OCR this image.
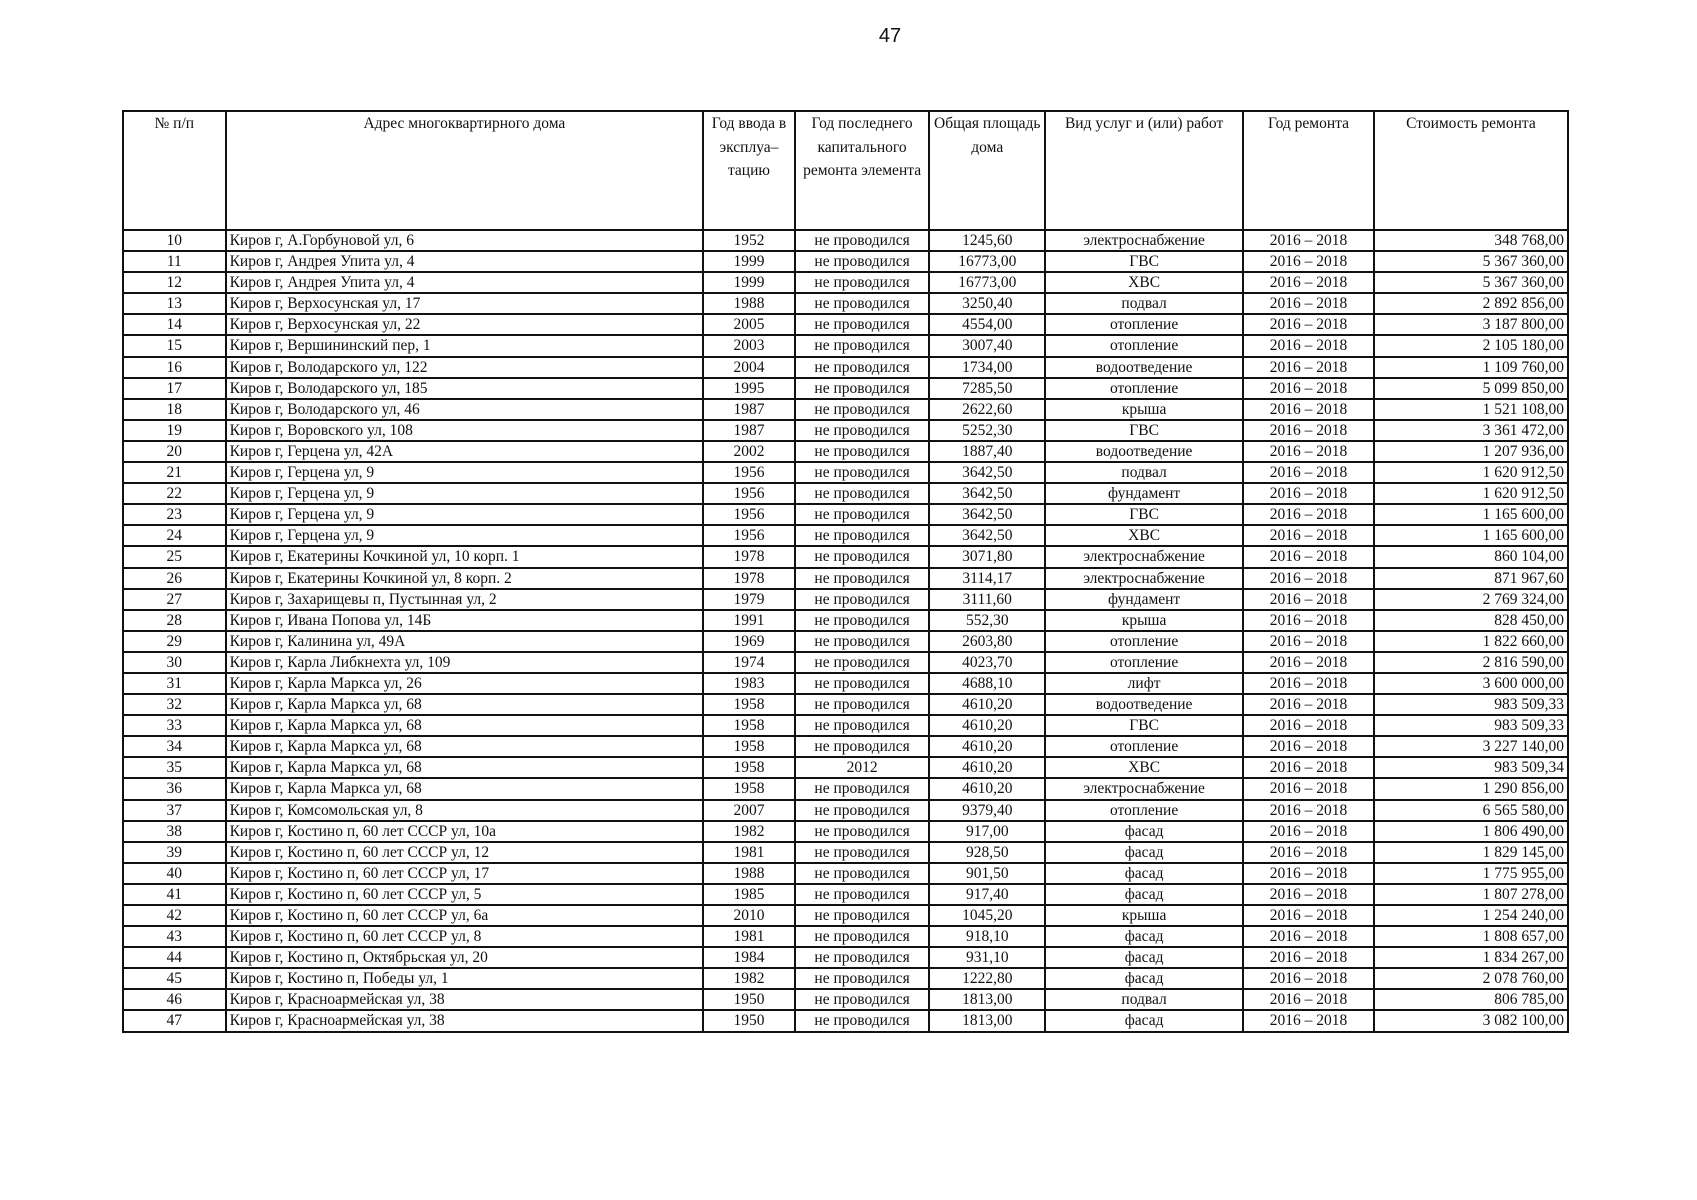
47
№ п/п	Адрес многоквартирного дома	Год ввода в эксплуа–тацию	Год последнего капитального ремонта элемента	Общая площадь дома	Вид услуг и (или) работ	Год ремонта	Стоимость ремонта
10	Киров г, А.Горбуновой ул, 6	1952	не проводился	1245,60	электроснабжение	2016 – 2018	348 768,00
11	Киров г, Андрея Упита ул, 4	1999	не проводился	16773,00	ГВС	2016 – 2018	5 367 360,00
12	Киров г, Андрея Упита ул, 4	1999	не проводился	16773,00	ХВС	2016 – 2018	5 367 360,00
13	Киров г, Верхосунская ул, 17	1988	не проводился	3250,40	подвал	2016 – 2018	2 892 856,00
14	Киров г, Верхосунская ул, 22	2005	не проводился	4554,00	отопление	2016 – 2018	3 187 800,00
15	Киров г, Вершининский пер, 1	2003	не проводился	3007,40	отопление	2016 – 2018	2 105 180,00
16	Киров г, Володарского ул, 122	2004	не проводился	1734,00	водоотведение	2016 – 2018	1 109 760,00
17	Киров г, Володарского ул, 185	1995	не проводился	7285,50	отопление	2016 – 2018	5 099 850,00
18	Киров г, Володарского ул, 46	1987	не проводился	2622,60	крыша	2016 – 2018	1 521 108,00
19	Киров г, Воровского ул, 108	1987	не проводился	5252,30	ГВС	2016 – 2018	3 361 472,00
20	Киров г, Герцена ул, 42А	2002	не проводился	1887,40	водоотведение	2016 – 2018	1 207 936,00
21	Киров г, Герцена ул, 9	1956	не проводился	3642,50	подвал	2016 – 2018	1 620 912,50
22	Киров г, Герцена ул, 9	1956	не проводился	3642,50	фундамент	2016 – 2018	1 620 912,50
23	Киров г, Герцена ул, 9	1956	не проводился	3642,50	ГВС	2016 – 2018	1 165 600,00
24	Киров г, Герцена ул, 9	1956	не проводился	3642,50	ХВС	2016 – 2018	1 165 600,00
25	Киров г, Екатерины Кочкиной ул, 10 корп. 1	1978	не проводился	3071,80	электроснабжение	2016 – 2018	860 104,00
26	Киров г, Екатерины Кочкиной ул, 8 корп. 2	1978	не проводился	3114,17	электроснабжение	2016 – 2018	871 967,60
27	Киров г, Захарищевы п, Пустынная ул, 2	1979	не проводился	3111,60	фундамент	2016 – 2018	2 769 324,00
28	Киров г, Ивана Попова ул, 14Б	1991	не проводился	552,30	крыша	2016 – 2018	828 450,00
29	Киров г, Калинина ул, 49А	1969	не проводился	2603,80	отопление	2016 – 2018	1 822 660,00
30	Киров г, Карла Либкнехта ул, 109	1974	не проводился	4023,70	отопление	2016 – 2018	2 816 590,00
31	Киров г, Карла Маркса ул, 26	1983	не проводился	4688,10	лифт	2016 – 2018	3 600 000,00
32	Киров г, Карла Маркса ул, 68	1958	не проводился	4610,20	водоотведение	2016 – 2018	983 509,33
33	Киров г, Карла Маркса ул, 68	1958	не проводился	4610,20	ГВС	2016 – 2018	983 509,33
34	Киров г, Карла Маркса ул, 68	1958	не проводился	4610,20	отопление	2016 – 2018	3 227 140,00
35	Киров г, Карла Маркса ул, 68	1958	2012	4610,20	ХВС	2016 – 2018	983 509,34
36	Киров г, Карла Маркса ул, 68	1958	не проводился	4610,20	электроснабжение	2016 – 2018	1 290 856,00
37	Киров г, Комсомольская ул, 8	2007	не проводился	9379,40	отопление	2016 – 2018	6 565 580,00
38	Киров г, Костино п, 60 лет СССР ул, 10а	1982	не проводился	917,00	фасад	2016 – 2018	1 806 490,00
39	Киров г, Костино п, 60 лет СССР ул, 12	1981	не проводился	928,50	фасад	2016 – 2018	1 829 145,00
40	Киров г, Костино п, 60 лет СССР ул, 17	1988	не проводился	901,50	фасад	2016 – 2018	1 775 955,00
41	Киров г, Костино п, 60 лет СССР ул, 5	1985	не проводился	917,40	фасад	2016 – 2018	1 807 278,00
42	Киров г, Костино п, 60 лет СССР ул, 6а	2010	не проводился	1045,20	крыша	2016 – 2018	1 254 240,00
43	Киров г, Костино п, 60 лет СССР ул, 8	1981	не проводился	918,10	фасад	2016 – 2018	1 808 657,00
44	Киров г, Костино п, Октябрьская ул, 20	1984	не проводился	931,10	фасад	2016 – 2018	1 834 267,00
45	Киров г, Костино п, Победы ул, 1	1982	не проводился	1222,80	фасад	2016 – 2018	2 078 760,00
46	Киров г, Красноармейская ул, 38	1950	не проводился	1813,00	подвал	2016 – 2018	806 785,00
47	Киров г, Красноармейская ул, 38	1950	не проводился	1813,00	фасад	2016 – 2018	3 082 100,00
